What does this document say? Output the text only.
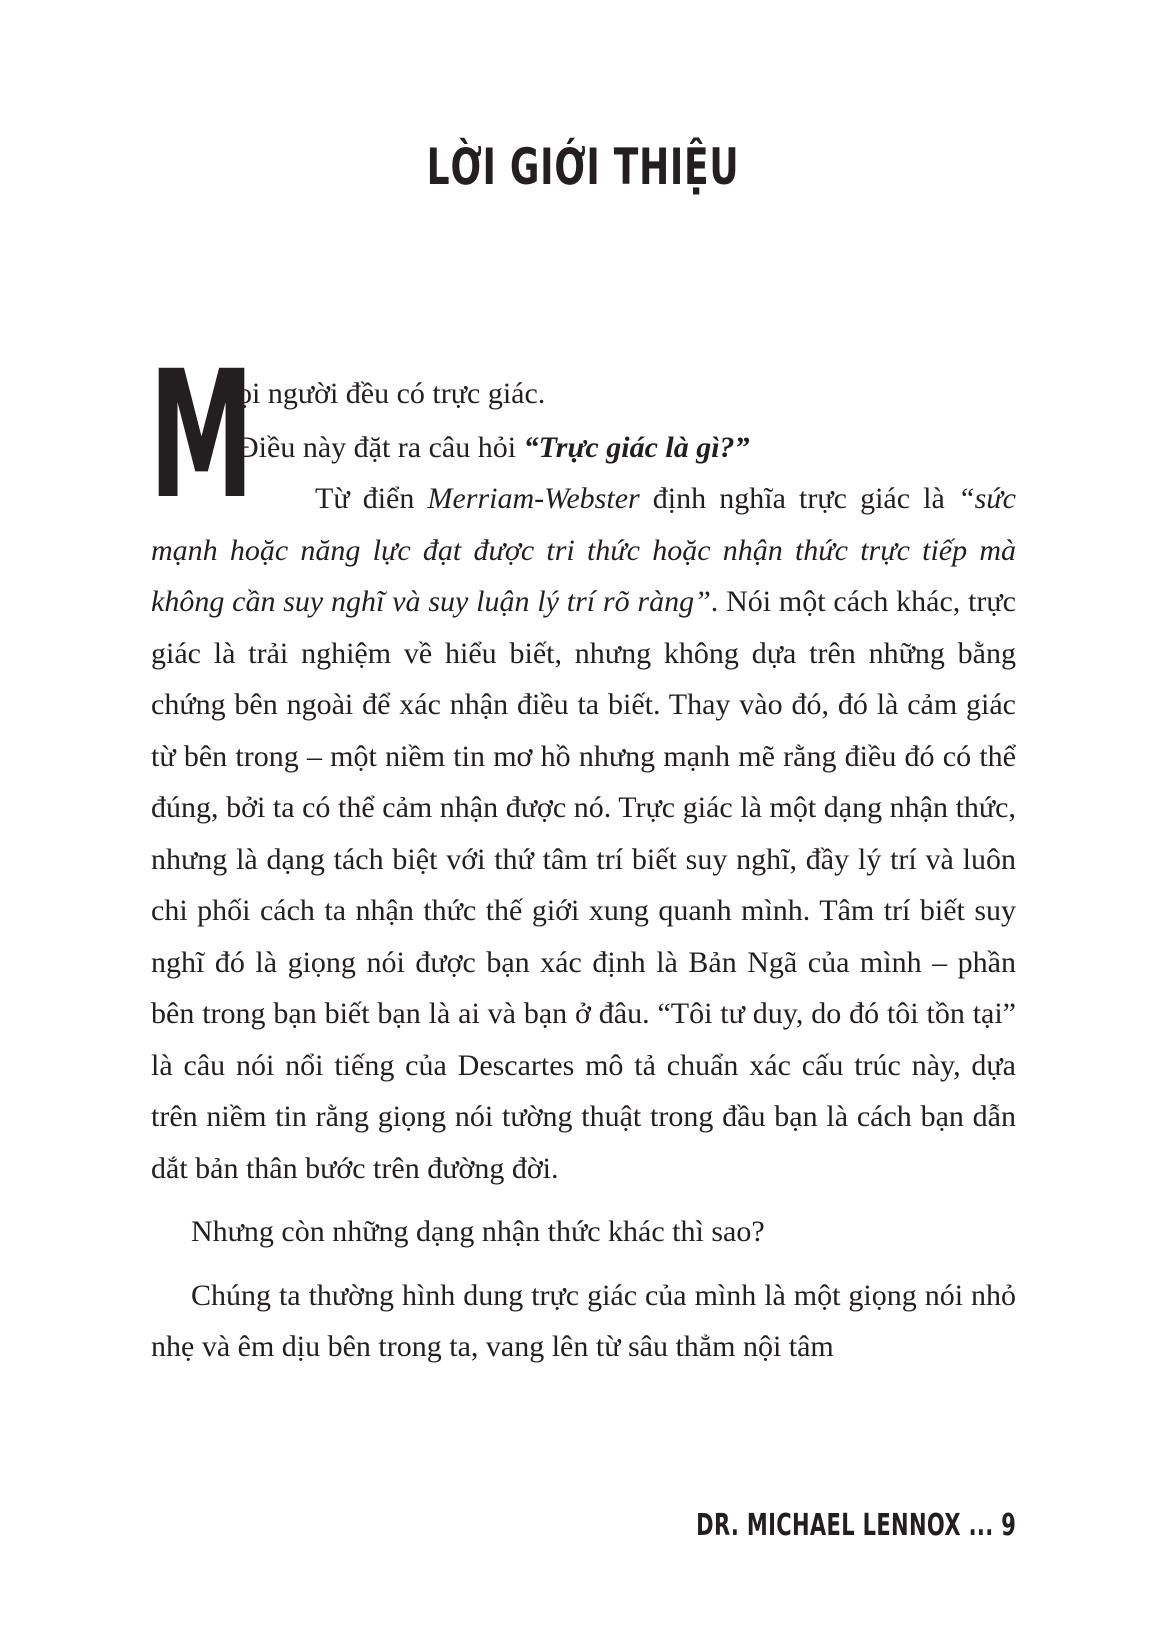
LỜI GIỚI THIỆU
M

ọi người đều có trực giác.

Điều này đặt ra câu hỏi “Trực giác là gì?”

Từ điển Merriam-Webster định nghĩa trực giác là “sức mạnh hoặc năng lực đạt được tri thức hoặc nhận thức trực tiếp mà không cần suy nghĩ và suy luận lý trí rõ ràng”. Nói một cách khác, trực giác là trải nghiệm về hiểu biết, nhưng không dựa trên những bằng chứng bên ngoài để xác nhận điều ta biết. Thay vào đó, đó là cảm giác từ bên trong – một niềm tin mơ hồ nhưng mạnh mẽ rằng điều đó có thể đúng, bởi ta có thể cảm nhận được nó. Trực giác là một dạng nhận thức, nhưng là dạng tách biệt với thứ tâm trí biết suy nghĩ, đầy lý trí và luôn chi phối cách ta nhận thức thế giới xung quanh mình. Tâm trí biết suy nghĩ đó là giọng nói được bạn xác định là Bản Ngã của mình – phần bên trong bạn biết bạn là ai và bạn ở đâu. “Tôi tư duy, do đó tôi tồn tại” là câu nói nổi tiếng của Descartes mô tả chuẩn xác cấu trúc này, dựa trên niềm tin rằng giọng nói tường thuật trong đầu bạn là cách bạn dẫn dắt bản thân bước trên đường đời.

Nhưng còn những dạng nhận thức khác thì sao?

Chúng ta thường hình dung trực giác của mình là một giọng nói nhỏ nhẹ và êm dịu bên trong ta, vang lên từ sâu thẳm nội tâm

DR. MICHAEL LENNOX ... 9
